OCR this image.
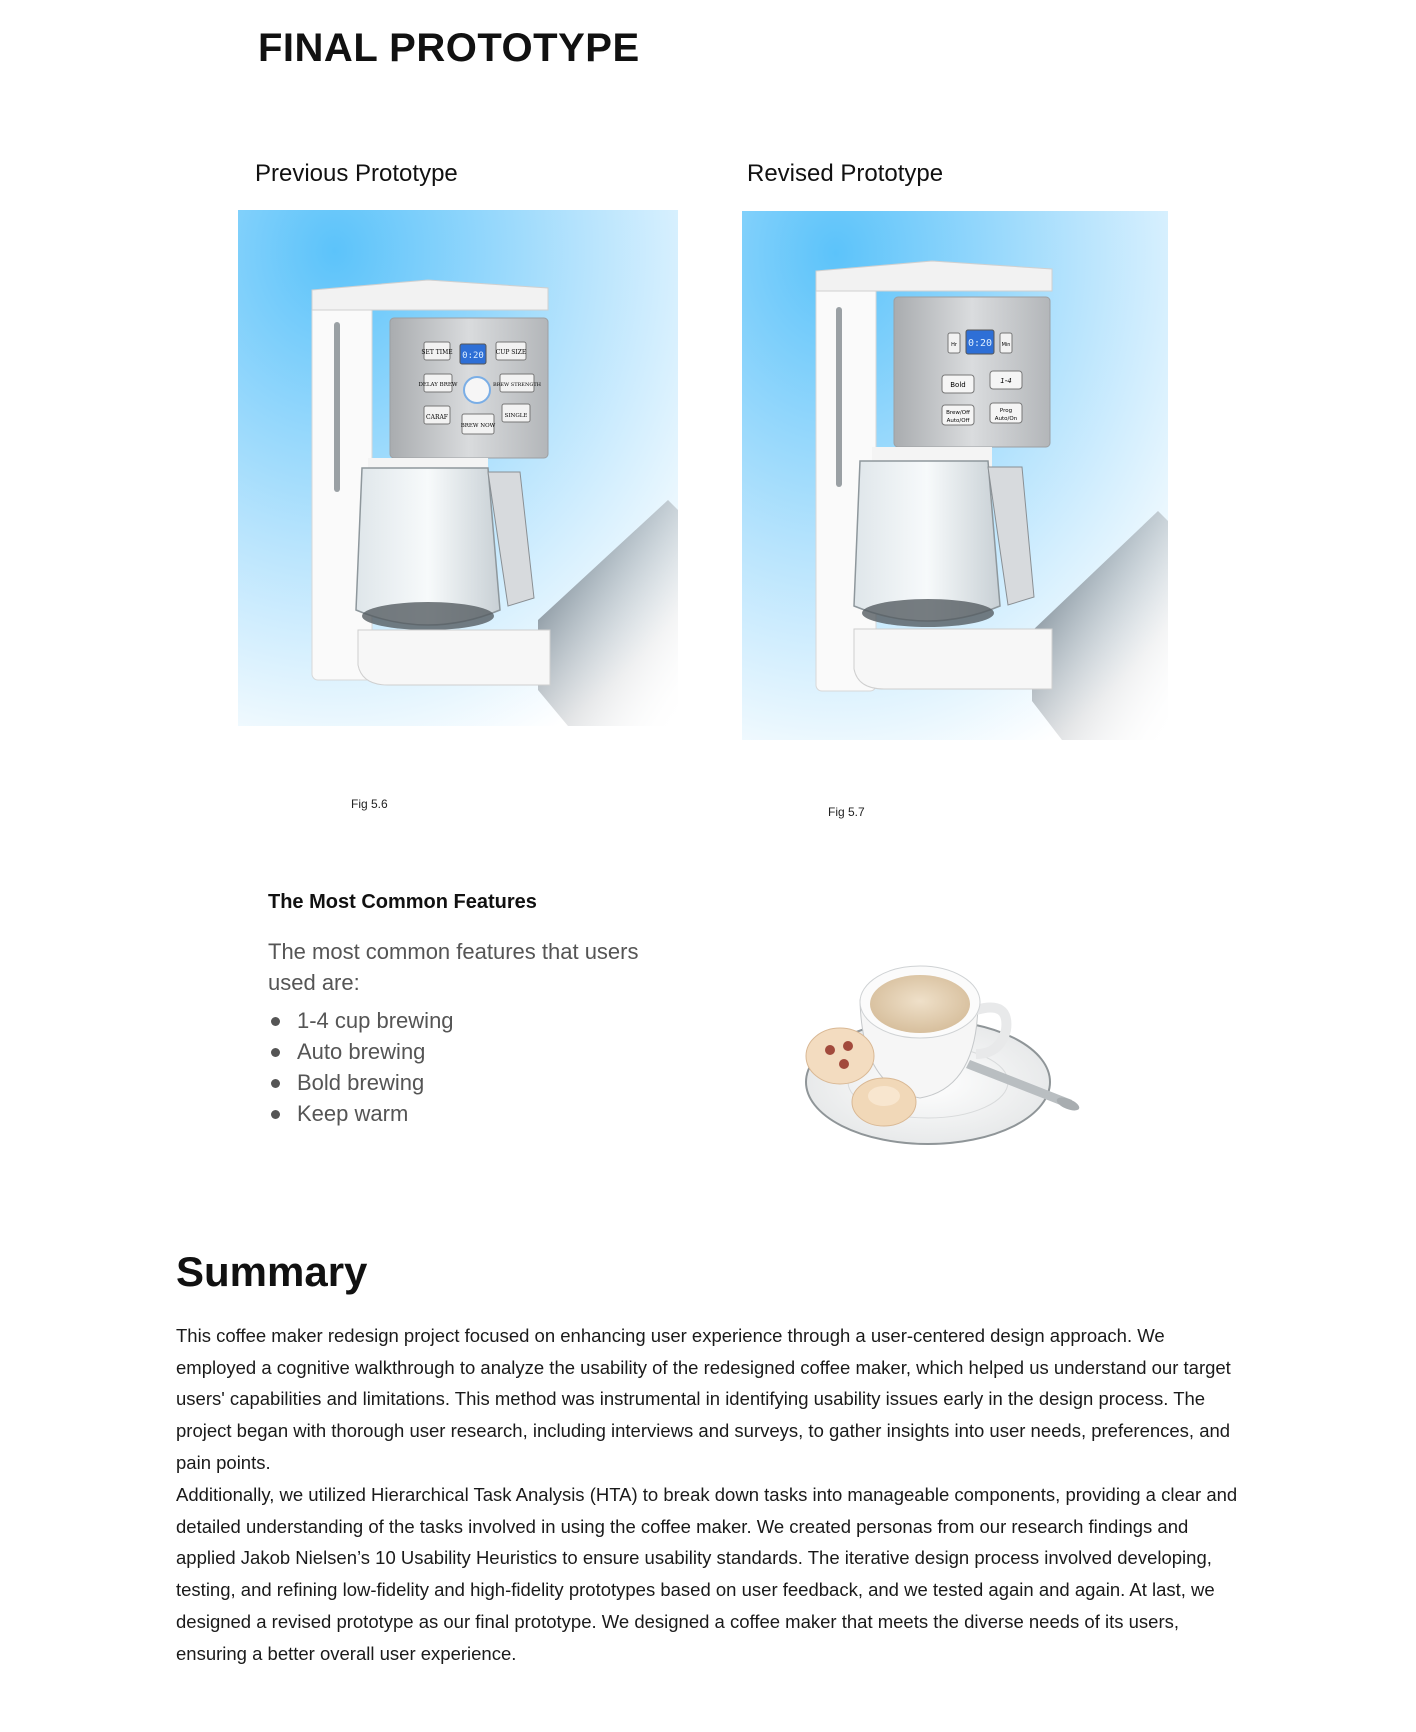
FINAL PROTOTYPE

Previous Prototype	Revised Prototype

SET TIME 0:20 CUP SIZE
DELAY BREW	BREW STRENGTH
CARAF
BREW NOW
SINGLE
Hr 0:20 Min
Bold	1-4
Brew/Off
Auto/Off
Prog
Auto/On
Fig 5.6
Fig 5.7
The Most Common Features

The most common features that users used are:

1-4 cup brewing
Auto brewing
Bold brewing
Keep warm
Summary

This coffee maker redesign project focused on enhancing user experience through a user-centered design approach. We employed a cognitive walkthrough to analyze the usability of the redesigned coffee maker, which helped us understand our target users' capabilities and limitations. This method was instrumental in identifying usability issues early in the design process. The project began with thorough user research, including interviews and surveys, to gather insights into user needs, preferences, and pain points.

Additionally, we utilized Hierarchical Task Analysis (HTA) to break down tasks into manageable components, providing a clear and detailed understanding of the tasks involved in using the coffee maker. We created personas from our research findings and applied Jakob Nielsen’s 10 Usability Heuristics to ensure usability standards. The iterative design process involved developing, testing, and refining low-fidelity and high-fidelity prototypes based on user feedback, and we tested again and again. At last, we designed a revised prototype as our final prototype. We designed a coffee maker that meets the diverse needs of its users, ensuring a better overall user experience.
